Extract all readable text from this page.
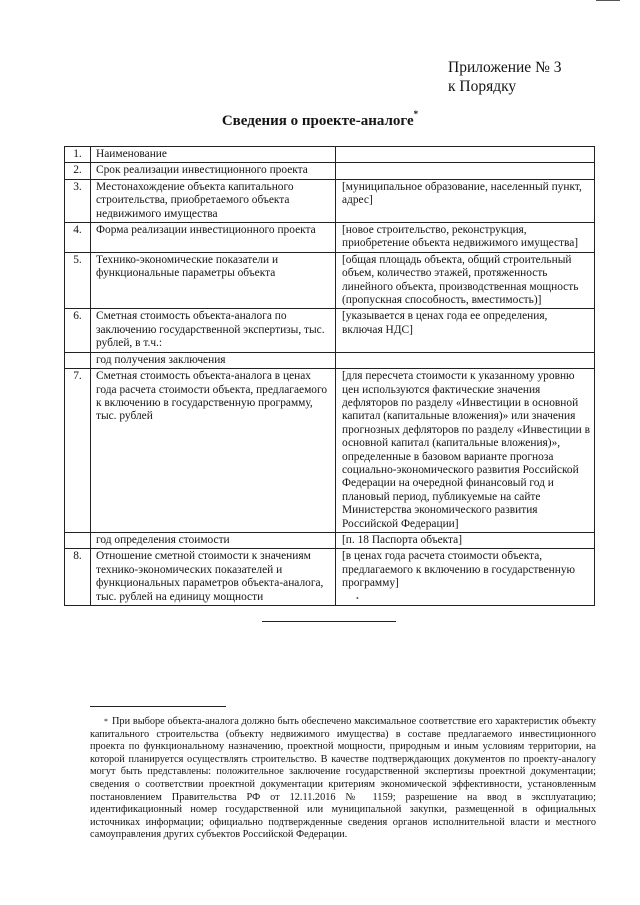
Приложение № 3
к Порядку
Сведения о проекте-аналоге*
1.	Наименование	
2.	Срок реализации инвестиционного проекта	
3.	Местонахождение объекта капитального строительства, приобретаемого объекта недвижимого имущества	[муниципальное образование, населенный пункт, адрес]
4.	Форма реализации инвестиционного проекта	[новое строительство, реконструкция, приобретение объекта недвижимого имущества]
5.	Технико-экономические показатели и функциональные параметры объекта	[общая площадь объекта, общий строительный объем, количество этажей, протяженность линейного объекта, производственная мощность (пропускная способность, вместимость)]
6.	Сметная стоимость объекта-аналога по заключению государственной экспертизы, тыс. рублей, в т.ч.:	[указывается в ценах года ее определения, включая НДС]
	год получения заключения	
7.	Сметная стоимость объекта-аналога в ценах года расчета стоимости объекта, предлагаемого к включению в государственную программу, тыс. рублей	[для пересчета стоимости к указанному уровню цен используются фактические значения дефляторов по разделу «Инвестиции в основной капитал (капитальные вложения)» или значения прогнозных дефляторов по разделу «Инвестиции в основной капитал (капитальные вложения)», определенные в базовом варианте прогноза социально-экономического развития Российской Федерации на очередной финансовый год и плановый период, публикуемые на сайте Министерства экономического развития Российской Федерации]
	год определения стоимости	[п. 18 Паспорта объекта]
8.	Отношение сметной стоимости к значениям технико-экономических показателей и функциональных параметров объекта-аналога, тыс. рублей на единицу мощности	[в ценах года расчета стоимости объекта, предлагаемого к включению в государственную программу]
•
* При выборе объекта-аналога должно быть обеспечено максимальное соответствие его характеристик объекту капитального строительства (объекту недвижимого имущества) в составе предлагаемого инвестиционного проекта по функциональному назначению, проектной мощности, природным и иным условиям территории, на которой планируется осуществлять строительство. В качестве подтверждающих документов по проекту-аналогу могут быть представлены: положительное заключение государственной экспертизы проектной документации; сведения о соответствии проектной документации критериям экономической эффективности, установленным постановлением Правительства РФ от 12.11.2016 № 1159; разрешение на ввод в эксплуатацию; идентификационный номер государственной или муниципальной закупки, размещенной в официальных источниках информации; официально подтвержденные сведения органов исполнительной власти и местного самоуправления других субъектов Российской Федерации.
